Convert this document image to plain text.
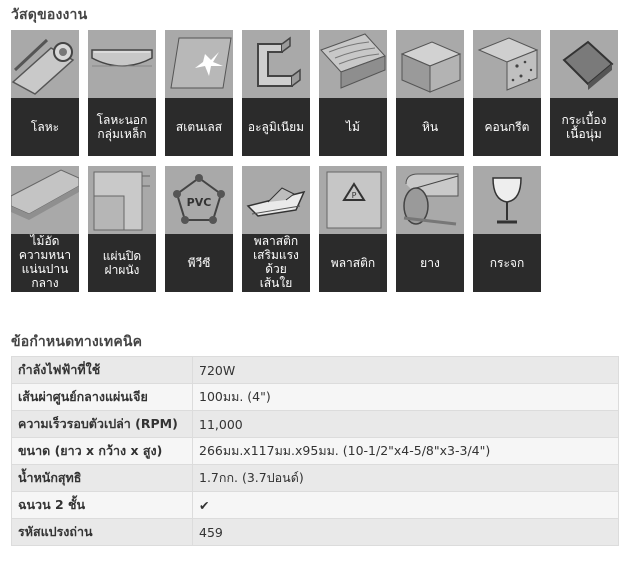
วัสดุของงาน
โลหะ	โลหะนอก
กลุ่มเหล็ก	สเตนเลส	อะลูมิเนียม	ไม้	หิน	คอนกรีต	กระเบื้อง
เนื้อนุ่ม
ไม้อัด
ความหนา
แน่นปาน
กลาง
แผ่นปิด
ฝาผนัง
PVC
พีวีซี
พลาสติก
เสริมแรง
ด้วย
เส้นใย
P
พลาสติก	ยาง	กระจก
ข้อกำหนดทางเทคนิค
กำลังไฟฟ้าที่ใช้	720W
เส้นผ่าศูนย์กลางแผ่นเจีย	100มม. (4")
ความเร็วรอบตัวเปล่า (RPM)	11,000
ขนาด (ยาว x กว้าง x สูง)	266มม.x117มม.x95มม. (10-1/2"x4-5/8"x3-3/4")
น้ำหนักสุทธิ	1.7กก. (3.7ปอนด์)
ฉนวน 2 ชั้น	✔
รหัสแปรงถ่าน	459
